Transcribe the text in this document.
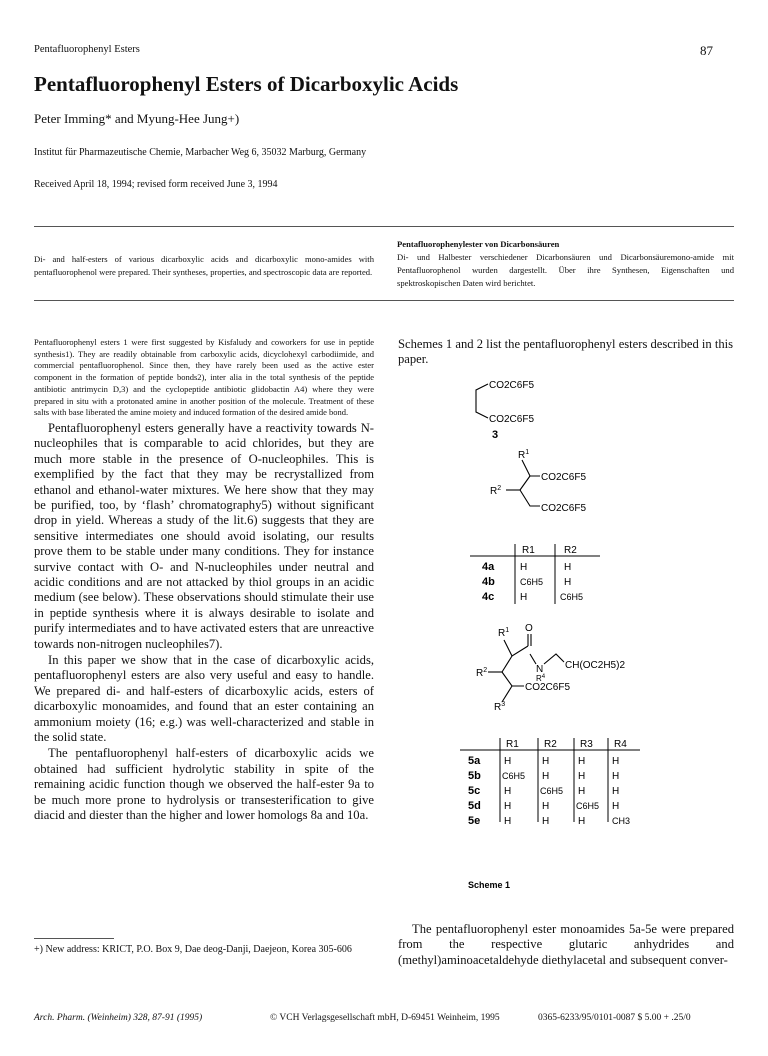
Pentafluorophenyl Esters	87
Pentafluorophenyl Esters of Dicarboxylic Acids
Peter Imming* and Myung-Hee Jung+)
Institut für Pharmazeutische Chemie, Marbacher Weg 6, 35032 Marburg, Germany
Received April 18, 1994; revised form received June 3, 1994
Di- and half-esters of various dicarboxylic acids and dicarboxylic mono-amides with pentafluorophenol were prepared. Their syntheses, properties, and spectroscopic data are reported.
Pentafluorophenylester von Dicarbonsäuren
Di- und Halbester verschiedener Dicarbonsäuren und Dicarbonsäuremono-amide mit Pentafluorophenol wurden dargestellt. Über ihre Synthesen, Eigenschaften und spektroskopischen Daten wird berichtet.

Pentafluorophenyl esters 1 were first suggested by Kisfaludy and coworkers for use in peptide synthesis1). They are readily obtainable from carboxylic acids, dicyclohexyl carbodiimide, and commercial pentafluorophenol. Since then, they have rarely been used as the active ester component in the formation of peptide bonds2), inter alia in the total synthesis of the peptide antibiotic antrimycin D,3) and the cyclopeptide antibiotic glidobactin A4) where they were prepared in situ with a protonated amine in another position of the molecule. Treatment of these salts with base liberated the amine moiety and induced formation of the desired amide bond.

Pentafluorophenyl esters generally have a reactivity towards N-nucleophiles that is comparable to acid chlorides, but they are much more stable in the presence of O-nucleophiles. This is exemplified by the fact that they may be recrystallized from ethanol and ethanol-water mixtures. We here show that they may be purified, too, by ‘flash’ chromatography5) without significant drop in yield. Whereas a study of the lit.6) suggests that they are sensitive intermediates one should avoid isolating, our results prove them to be stable under many conditions. They for instance survive contact with O- and N-nucleophiles under neutral and acidic conditions and are not attacked by thiol groups in an acidic medium (see below). These observations should stimulate their use in peptide synthesis where it is always desirable to isolate and purify intermediates and to have activated esters that are unreactive towards non-nitrogen nucleophiles7).

In this paper we show that in the case of dicarboxylic acids, pentafluorophenyl esters are also very useful and easy to handle. We prepared di- and half-esters of dicarboxylic acids, esters of dicarboxylic monoamides, and found that an ester containing an ammonium moiety (16; e.g.) was well-characterized and stable in the solid state.

The pentafluorophenyl half-esters of dicarboxylic acids we obtained had sufficient hydrolytic stability in spite of the remaining acidic function though we observed the half-ester 9a to be much more prone to hydrolysis or transesterification to give diacid and diester than the higher and lower homologs 8a and 10a.

+) New address: KRICT, P.O. Box 9, Dae deog-Danji, Daejeon, Korea 305-606
Schemes 1 and 2 list the pentafluorophenyl esters described in this paper.
CO2C6F5
CO2C6F5
3
$R^1$
CO2C6F5
$R^2$
CO2C6F5
R1	R2
4a	H	H
4b	C6H5 H
4c	H	C6H5
$R^1$ O
$R^2$	N
$R^4$
CH(OC2H5)2
CO2C6F5
$R^3$
R1	R2 R3 R4
5a H	H	H	H
5b C6H5 H	H	H
5c H	C6H5 H	H
5d H	H	C6H5 H
5e H	H	H	CH3
Scheme 1
The pentafluorophenyl ester monoamides 5a-5e were prepared from the respective glutaric anhydrides and (methyl)aminoacetaldehyde diethylacetal and subsequent conver-
Arch. Pharm. (Weinheim) 328, 87-91 (1995)	© VCH Verlagsgesellschaft mbH, D-69451 Weinheim, 1995	0365-6233/95/0101-0087 $ 5.00 + .25/0
